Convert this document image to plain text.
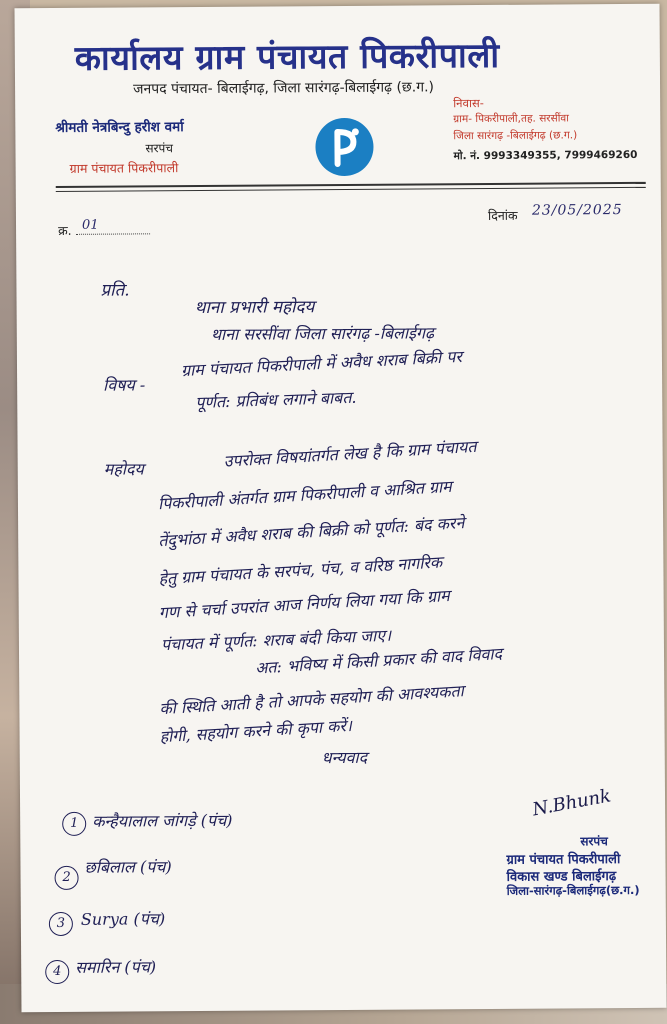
कार्यालय ग्राम पंचायत पिकरीपाली
जनपद पंचायत- बिलाईगढ़, जिला सारंगढ़-बिलाईगढ़ (छ.ग.)
श्रीमती नेत्रबिन्दु हरीश वर्मा
सरपंच
ग्राम पंचायत पिकरीपाली
निवास-
ग्राम- पिकरीपाली,तह. सरसींवा
जिला सारंगढ़ -बिलाईगढ़ (छ.ग.)
मो. नं. 9993349355, 7999469260
क्र. 01
दिनांक 23/05/2025
प्रति.
थाना प्रभारी महोदय
थाना सरसींवा जिला सारंगढ़ -बिलाईगढ़
विषय -
ग्राम पंचायत पिकरीपाली में अवैध शराब बिक्री पर
पूर्णत: प्रतिबंध लगाने बाबत.
महोदय	उपरोक्त विषयांतर्गत लेख है कि ग्राम पंचायत
पिकरीपाली अंतर्गत ग्राम पिकरीपाली व आश्रित ग्राम
तेंदुभांठा में अवैध शराब की बिक्री को पूर्णत: बंद करने
हेतु ग्राम पंचायत के सरपंच, पंच, व वरिष्ठ नागरिक
गण से चर्चा उपरांत आज निर्णय लिया गया कि ग्राम
पंचायत में पूर्णत: शराब बंदी किया जाए।
अत: भविष्य में किसी प्रकार की वाद विवाद
की स्थिति आती है तो आपके सहयोग की आवश्यकता
होगी, सहयोग करने की कृपा करें।
धन्यवाद
1 कन्हैयालाल जांगड़े (पंच)
2
छबिलाल (पंच)
3 Surya (पंच)
4 समारिन (पंच)
N.Bhunk
सरपंच
ग्राम पंचायत पिकरीपाली
विकास खण्ड बिलाईगढ़
जिला-सारंगढ़-बिलाईगढ़(छ.ग.)
